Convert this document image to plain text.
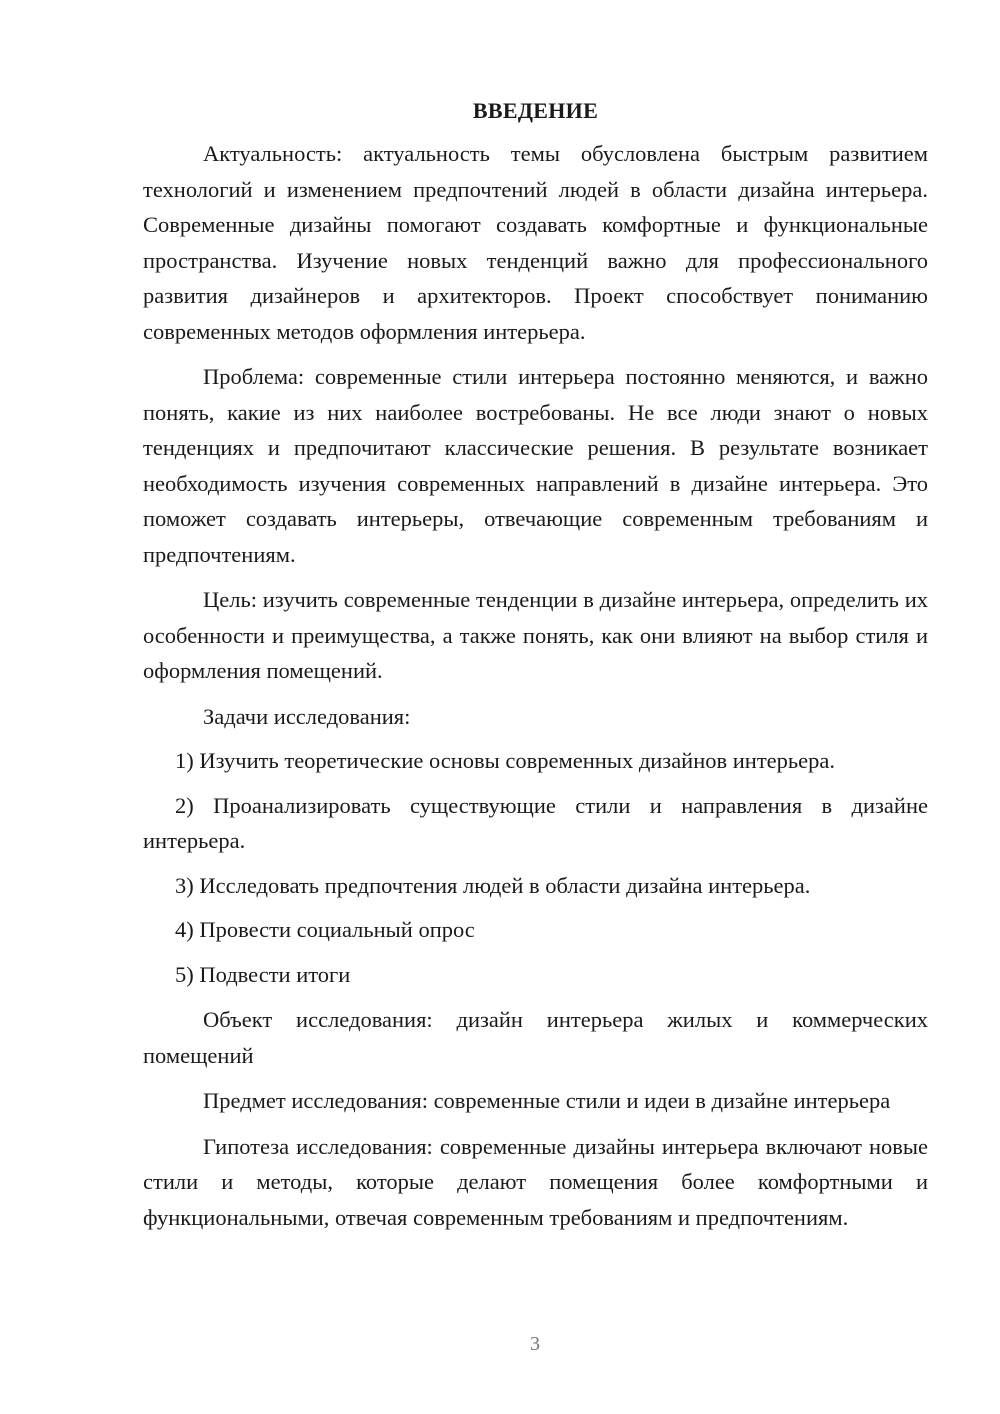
ВВЕДЕНИЕ

Актуальность: актуальность темы обусловлена быстрым развитием технологий и изменением предпочтений людей в области дизайна интерьера. Современные дизайны помогают создавать комфортные и функциональные пространства. Изучение новых тенденций важно для профессионального развития дизайнеров и архитекторов. Проект способствует пониманию современных методов оформления интерьера.

Проблема: современные стили интерьера постоянно меняются, и важно понять, какие из них наиболее востребованы. Не все люди знают о новых тенденциях и предпочитают классические решения. В результате возникает необходимость изучения современных направлений в дизайне интерьера. Это поможет создавать интерьеры, отвечающие современным требованиям и предпочтениям.

Цель: изучить современные тенденции в дизайне интерьера, определить их особенности и преимущества, а также понять, как они влияют на выбор стиля и оформления помещений.

Задачи исследования:

1) Изучить теоретические основы современных дизайнов интерьера.

2) Проанализировать существующие стили и направления в дизайне интерьера.

3) Исследовать предпочтения людей в области дизайна интерьера.

4) Провести социальный опрос

5) Подвести итоги

Объект исследования: дизайн интерьера жилых и коммерческих помещений

Предмет исследования: современные стили и идеи в дизайне интерьера

Гипотеза исследования: современные дизайны интерьера включают новые стили и методы, которые делают помещения более комфортными и функциональными, отвечая современным требованиям и предпочтениям.

3
